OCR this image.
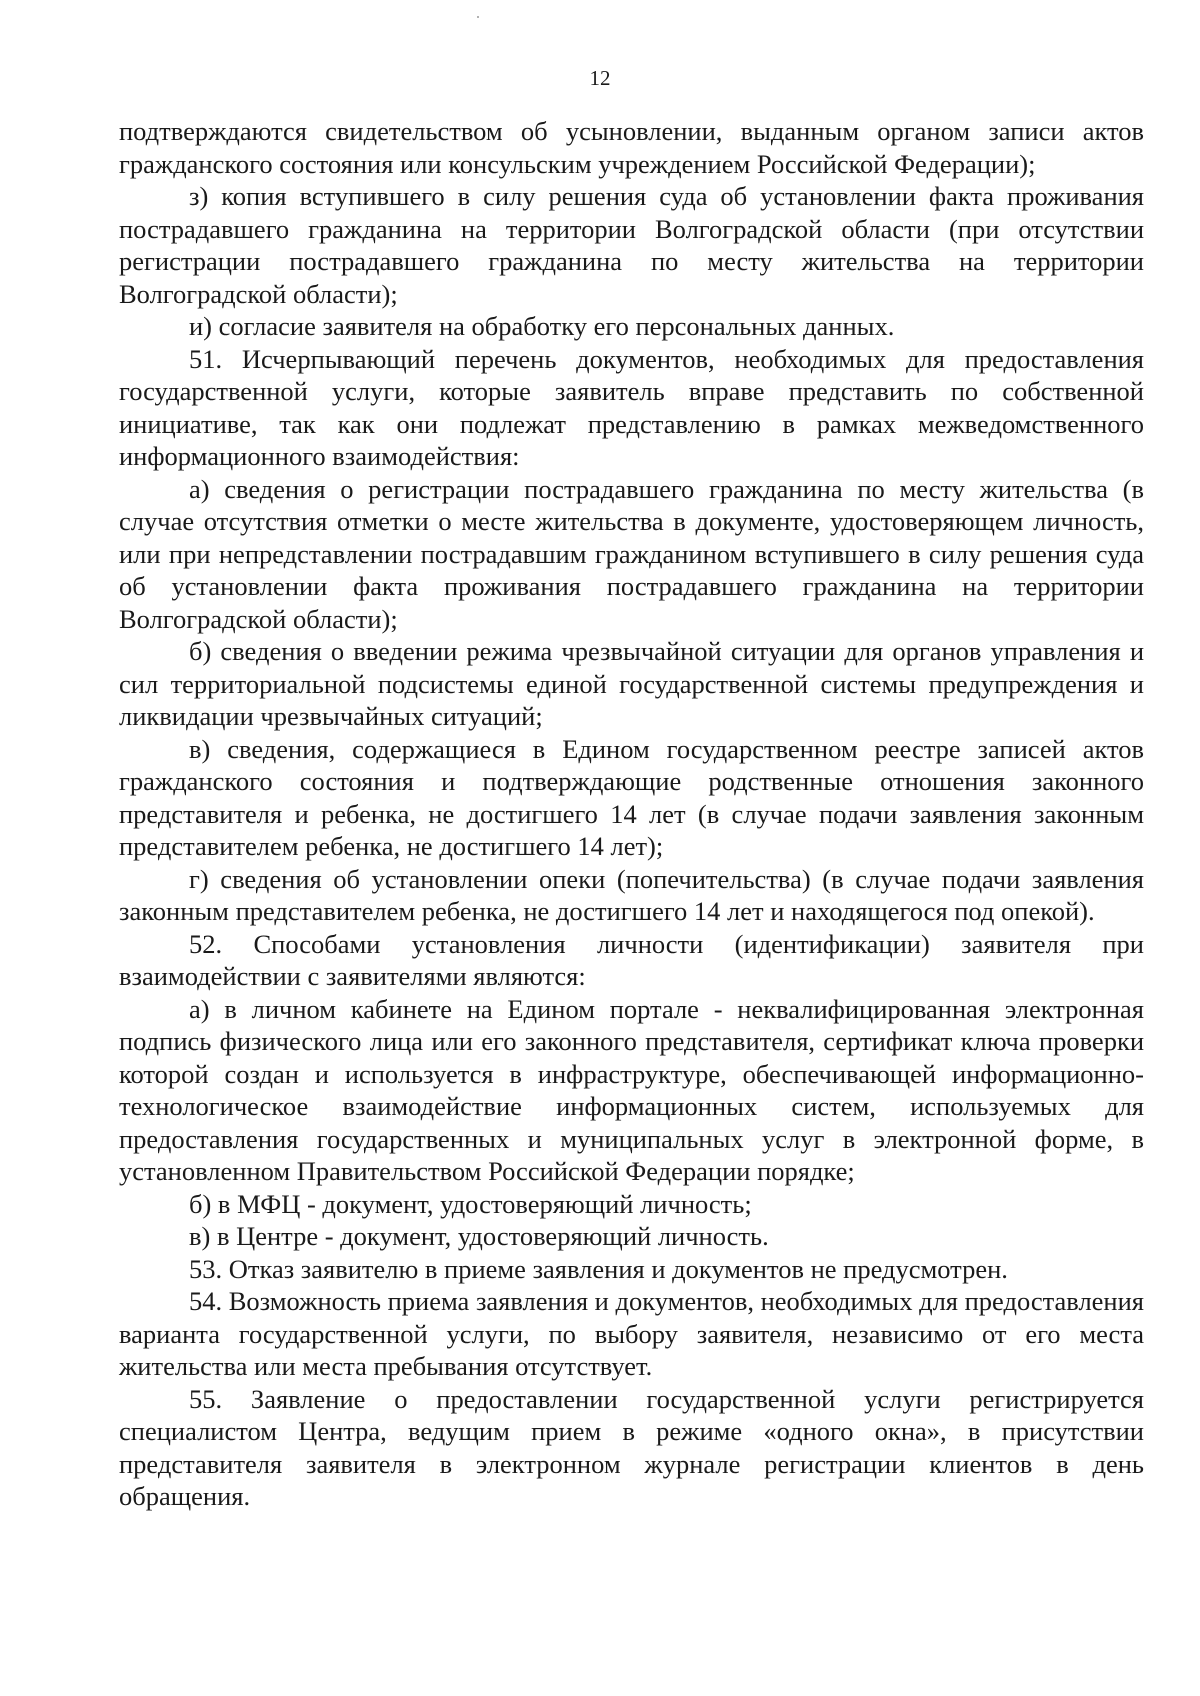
12

подтверждаются свидетельством об усыновлении, выданным органом записи актов гражданского состояния или консульским учреждением Российской Федерации);

з) копия вступившего в силу решения суда об установлении факта проживания пострадавшего гражданина на территории Волгоградской области (при отсутствии регистрации пострадавшего гражданина по месту жительства на территории Волгоградской области);

и) согласие заявителя на обработку его персональных данных.

51. Исчерпывающий перечень документов, необходимых для предоставления государственной услуги, которые заявитель вправе представить по собственной инициативе, так как они подлежат представлению в рамках межведомственного информационного взаимодействия:

а) сведения о регистрации пострадавшего гражданина по месту жительства (в случае отсутствия отметки о месте жительства в документе, удостоверяющем личность, или при непредставлении пострадавшим гражданином вступившего в силу решения суда об установлении факта проживания пострадавшего гражданина на территории Волгоградской области);

б) сведения о введении режима чрезвычайной ситуации для органов управления и сил территориальной подсистемы единой государственной системы предупреждения и ликвидации чрезвычайных ситуаций;

в) сведения, содержащиеся в Едином государственном реестре записей актов гражданского состояния и подтверждающие родственные отношения законного представителя и ребенка, не достигшего 14 лет (в случае подачи заявления законным представителем ребенка, не достигшего 14 лет);

г) сведения об установлении опеки (попечительства) (в случае подачи заявления законным представителем ребенка, не достигшего 14 лет и находящегося под опекой).

52. Способами установления личности (идентификации) заявителя при взаимодействии с заявителями являются:

а) в личном кабинете на Едином портале - неквалифицированная электронная подпись физического лица или его законного представителя, сертификат ключа проверки которой создан и используется в инфраструктуре, обеспечивающей информационно-технологическое взаимодействие информационных систем, используемых для предоставления государственных и муниципальных услуг в электронной форме, в установленном Правительством Российской Федерации порядке;

б) в МФЦ - документ, удостоверяющий личность;

в) в Центре - документ, удостоверяющий личность.

53. Отказ заявителю в приеме заявления и документов не предусмотрен.

54. Возможность приема заявления и документов, необходимых для предоставления варианта государственной услуги, по выбору заявителя, независимо от его места жительства или места пребывания отсутствует.

55. Заявление о предоставлении государственной услуги регистрируется специалистом Центра, ведущим прием в режиме «одного окна», в присутствии представителя заявителя в электронном журнале регистрации клиентов в день обращения.
